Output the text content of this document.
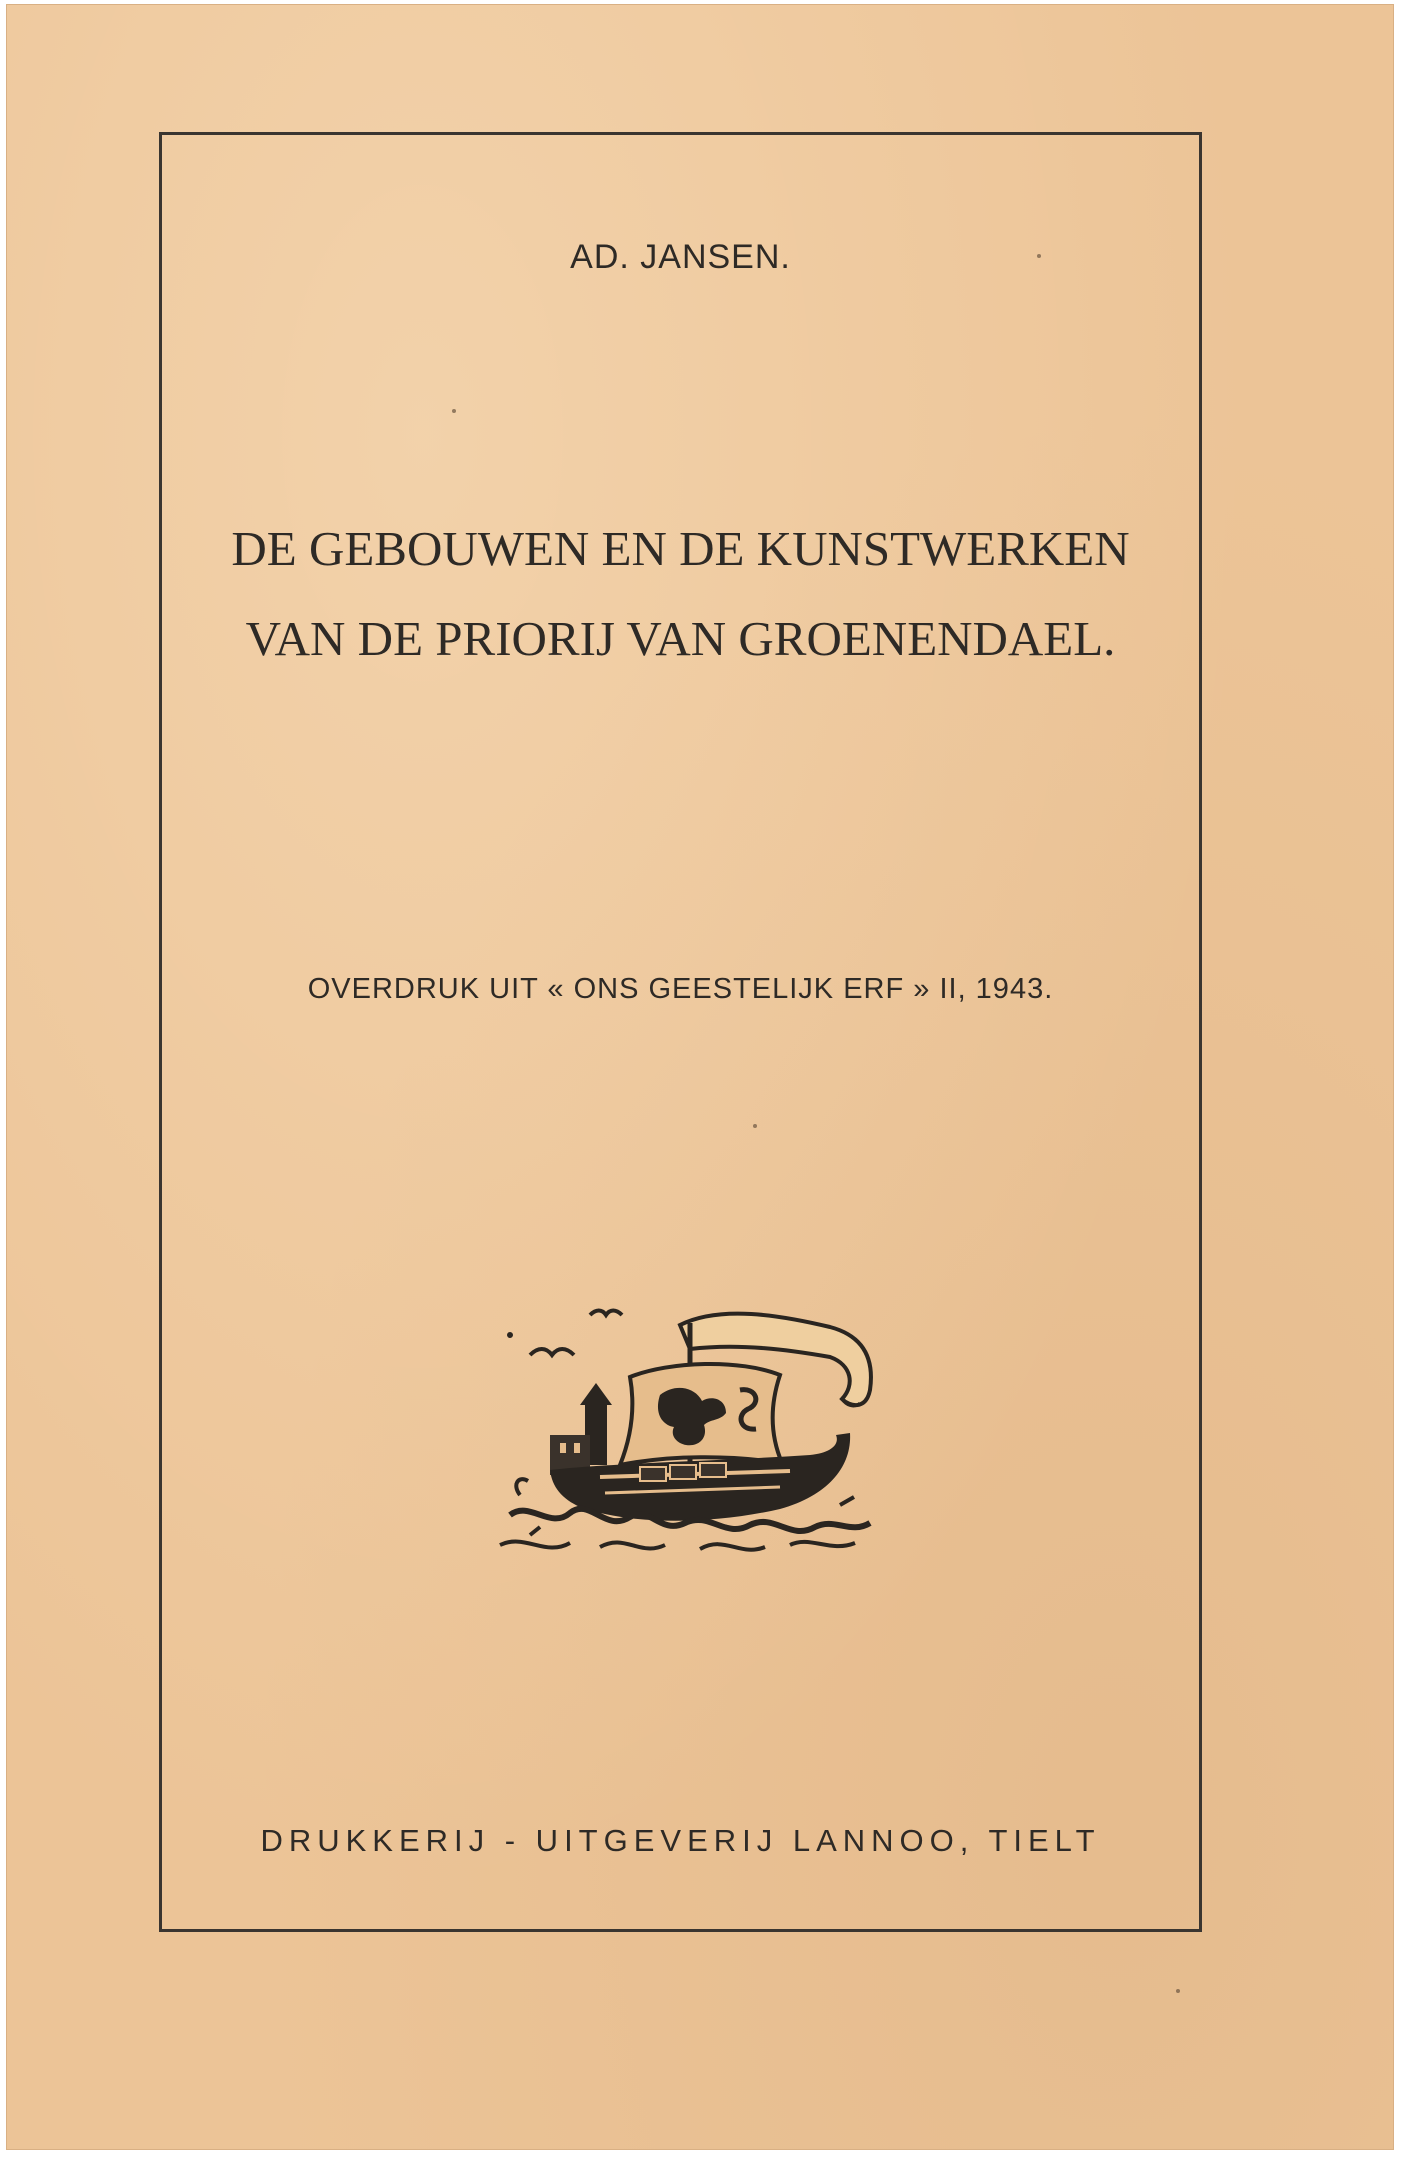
AD. JANSEN.
DE GEBOUWEN EN DE KUNSTWERKEN
VAN DE PRIORIJ VAN GROENENDAEL.
OVERDRUK UIT « ONS GEESTELIJK ERF » II, 1943.
DRUKKERIJ - UITGEVERIJ LANNOO, TIELT
